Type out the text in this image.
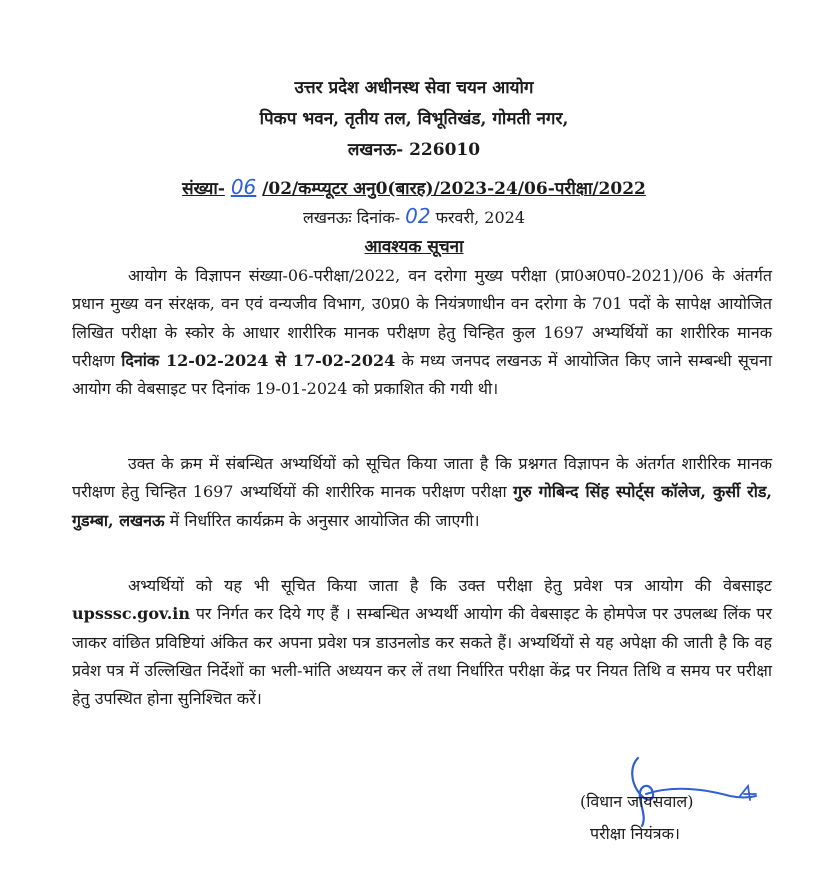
उत्तर प्रदेश अधीनस्थ सेवा चयन आयोग
पिकप भवन, तृतीय तल, विभूतिखंड, गोमती नगर,
लखनऊ- 226010
संख्या- 06 /02/कम्प्यूटर अनु0(बारह)/2023-24/06-परीक्षा/2022
लखनऊः दिनांक- 02 फरवरी, 2024
आवश्यक सूचना
आयोग के विज्ञापन संख्या-06-परीक्षा/2022, वन दरोगा मुख्य परीक्षा (प्रा0अ0प0-2021)/06 के अंतर्गत प्रधान मुख्य वन संरक्षक, वन एवं वन्यजीव विभाग, उ0प्र0 के नियंत्रणाधीन वन दरोगा के 701 पदों के सापेक्ष आयोजित लिखित परीक्षा के स्कोर के आधार शारीरिक मानक परीक्षण हेतु चिन्हित कुल 1697 अभ्यर्थियों का शारीरिक मानक परीक्षण दिनांक 12-02-2024 से 17-02-2024 के मध्य जनपद लखनऊ में आयोजित किए जाने सम्बन्धी सूचना आयोग की वेबसाइट पर दिनांक 19-01-2024 को प्रकाशित की गयी थी।
उक्त के क्रम में संबन्धित अभ्यर्थियों को सूचित किया जाता है कि प्रश्नगत विज्ञापन के अंतर्गत शारीरिक मानक परीक्षण हेतु चिन्हित 1697 अभ्यर्थियों की शारीरिक मानक परीक्षण परीक्षा गुरु गोबिन्द सिंह स्पोर्ट्स कॉलेज, कुर्सी रोड, गुडम्बा, लखनऊ में निर्धारित कार्यक्रम के अनुसार आयोजित की जाएगी।
अभ्यर्थियों को यह भी सूचित किया जाता है कि उक्त परीक्षा हेतु प्रवेश पत्र आयोग की वेबसाइट upsssc.gov.in पर निर्गत कर दिये गए हैं । सम्बन्धित अभ्यर्थी आयोग की वेबसाइट के होमपेज पर उपलब्ध लिंक पर जाकर वांछित प्रविष्टियां अंकित कर अपना प्रवेश पत्र डाउनलोड कर सकते हैं। अभ्यर्थियों से यह अपेक्षा की जाती है कि वह प्रवेश पत्र में उल्लिखित निर्देशों का भली-भांति अध्ययन कर लें तथा निर्धारित परीक्षा केंद्र पर नियत तिथि व समय पर परीक्षा हेतु उपस्थित होना सुनिश्चित करें।
(विधान जायसवाल)
परीक्षा नियंत्रक।
